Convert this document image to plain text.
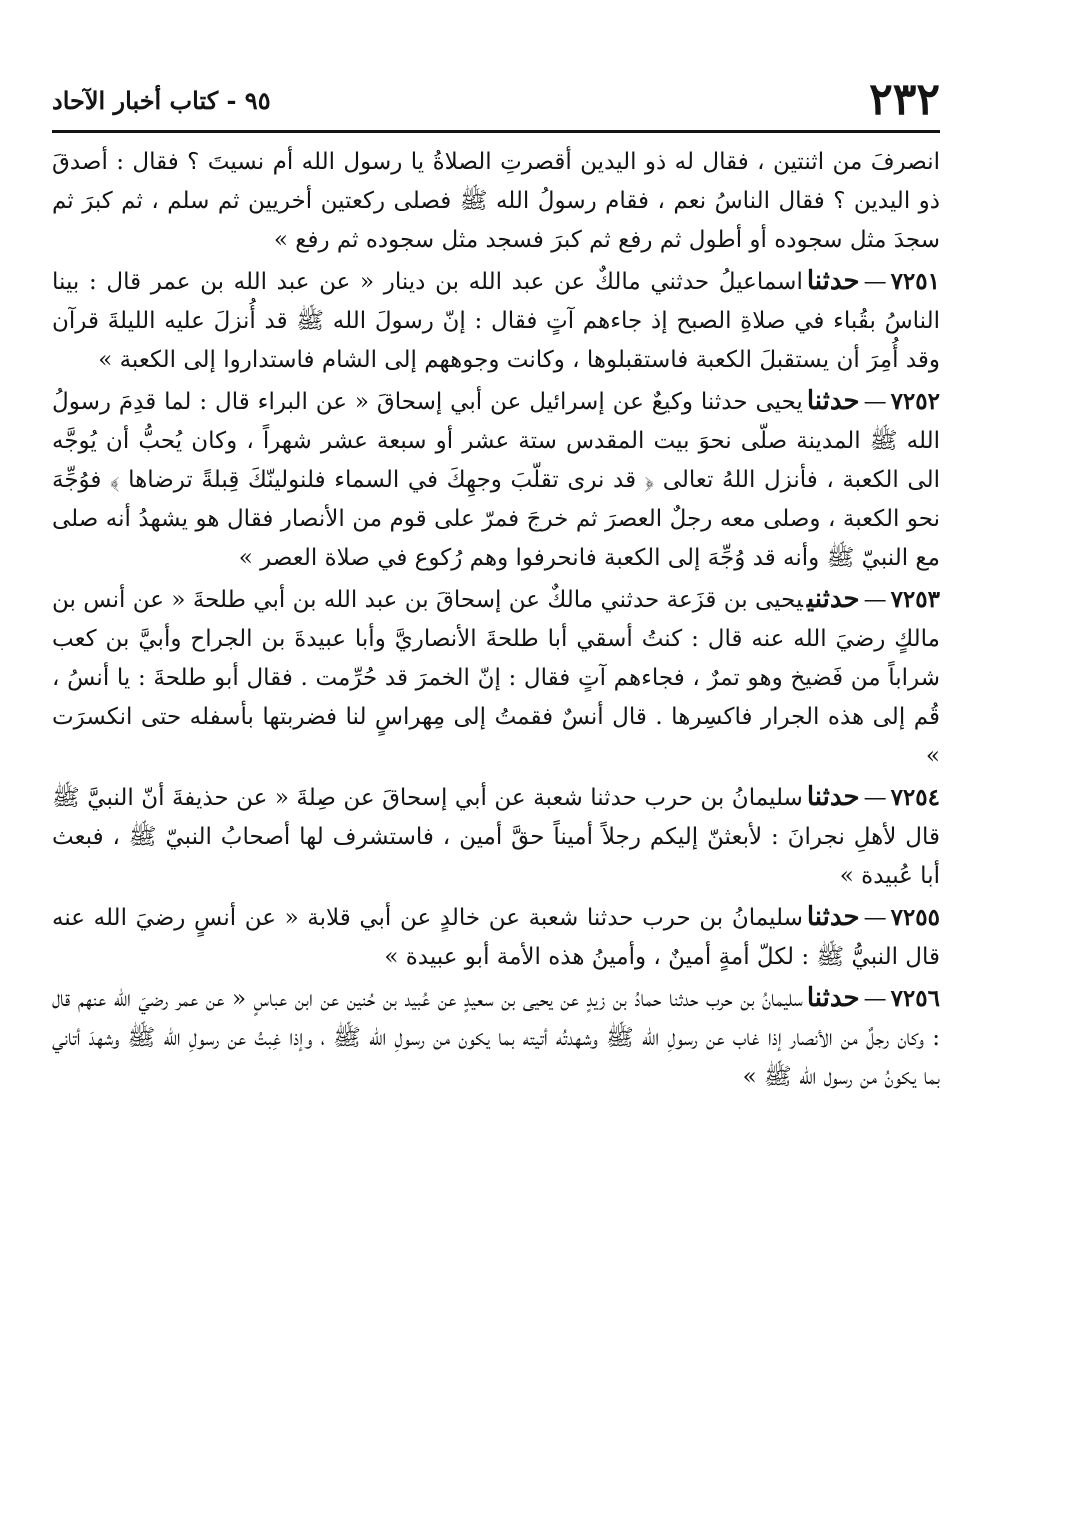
٢٣٢
٩٥ - كتاب أخبار الآحاد

انصرفَ من اثنتين ، فقال له ذو اليدين أقصرتِ الصلاةُ يا رسول الله أم نسيتَ ؟ فقال : أصدقَ ذو اليدين ؟ فقال الناسُ نعم ، فقام رسولُ الله ﷺ فصلى ركعتين أخريين ثم سلم ، ثم كبرَ ثم سجدَ مثل سجوده أو أطول ثم رفع ثم كبرَ فسجد مثل سجوده ثم رفع »

٧٢٥١—حدثنااسماعيلُ حدثني مالكٌ عن عبد الله بن دينار « عن عبد الله بن عمر قال : بينا الناسُ بقُباء في صلاةِ الصبح إذ جاءهم آتٍ فقال : إنّ رسولَ الله ﷺ قد أُنزلَ عليه الليلةَ قرآن وقد أُمِرَ أن يستقبلَ الكعبة فاستقبلوها ، وكانت وجوههم إلى الشام فاستداروا إلى الكعبة »

٧٢٥٢—حدثنايحيى حدثنا وكيعٌ عن إسرائيل عن أبي إسحاقَ « عن البراء قال : لما قدِمَ رسولُ الله ﷺ المدينة صلّى نحوَ بيت المقدس ستة عشر أو سبعة عشر شهراً ، وكان يُحبُّ أن يُوجَّه الى الكعبة ، فأنزل اللهُ تعالى ﴿ قد نرى تقلّبَ وجهِكَ في السماء فلنولينّكَ قِبلةً ترضاها ﴾ فوُجِّهَ نحو الكعبة ، وصلى معه رجلٌ العصرَ ثم خرجَ فمرّ على قوم من الأنصار فقال هو يشهدُ أنه صلى مع النبيّ ﷺ وأنه قد وُجِّهَ إلى الكعبة فانحرفوا وهم رُكوع في صلاة العصر »

٧٢٥٣—حدثنييحيى بن قزَعة حدثني مالكٌ عن إسحاقَ بن عبد الله بن أبي طلحةَ « عن أنس بن مالكٍ رضيَ الله عنه قال : كنتُ أسقي أبا طلحةَ الأنصاريَّ وأبا عبيدةَ بن الجراح وأبيَّ بن كعب شراباً من فَضيخ وهو تمرٌ ، فجاءهم آتٍ فقال : إنّ الخمرَ قد حُرِّمت . فقال أبو طلحةَ : يا أنسُ ، قُم إلى هذه الجرار فاكسِرها . قال أنسٌ فقمتُ إلى مِهراسٍ لنا فضربتها بأسفله حتى انكسرَت »

٧٢٥٤—حدثناسليمانُ بن حرب حدثنا شعبة عن أبي إسحاقَ عن صِلةَ « عن حذيفةَ أنّ النبيَّ ﷺ قال لأهلِ نجرانَ : لأبعثنّ إليكم رجلاً أميناً حقَّ أمين ، فاستشرف لها أصحابُ النبيّ ﷺ ، فبعث أبا عُبيدة »

٧٢٥٥—حدثناسليمانُ بن حرب حدثنا شعبة عن خالدٍ عن أبي قلابة « عن أنسٍ رضيَ الله عنه قال النبيُّ ﷺ : لكلّ أمةٍ أمينٌ ، وأمينُ هذه الأمة أبو عبيدة »

٧٢٥٦—حدثناسليمانُ بن حرب حدثنا حمادُ بن زيدٍ عن يحيى بن سعيدٍ عن عُبيد بن حُنين عن ابن عباسٍ « عن عمر رضيَ الله عنهم قال : وكان رجلٌ من الأنصار إذا غاب عن رسولِ الله ﷺ وشهدتُه أتيته بما يكون من رسولِ الله ﷺ ، وإذا غِبتُ عن رسولِ الله ﷺ وشهدَ أتاني بما يكونُ من رسول الله ﷺ »
